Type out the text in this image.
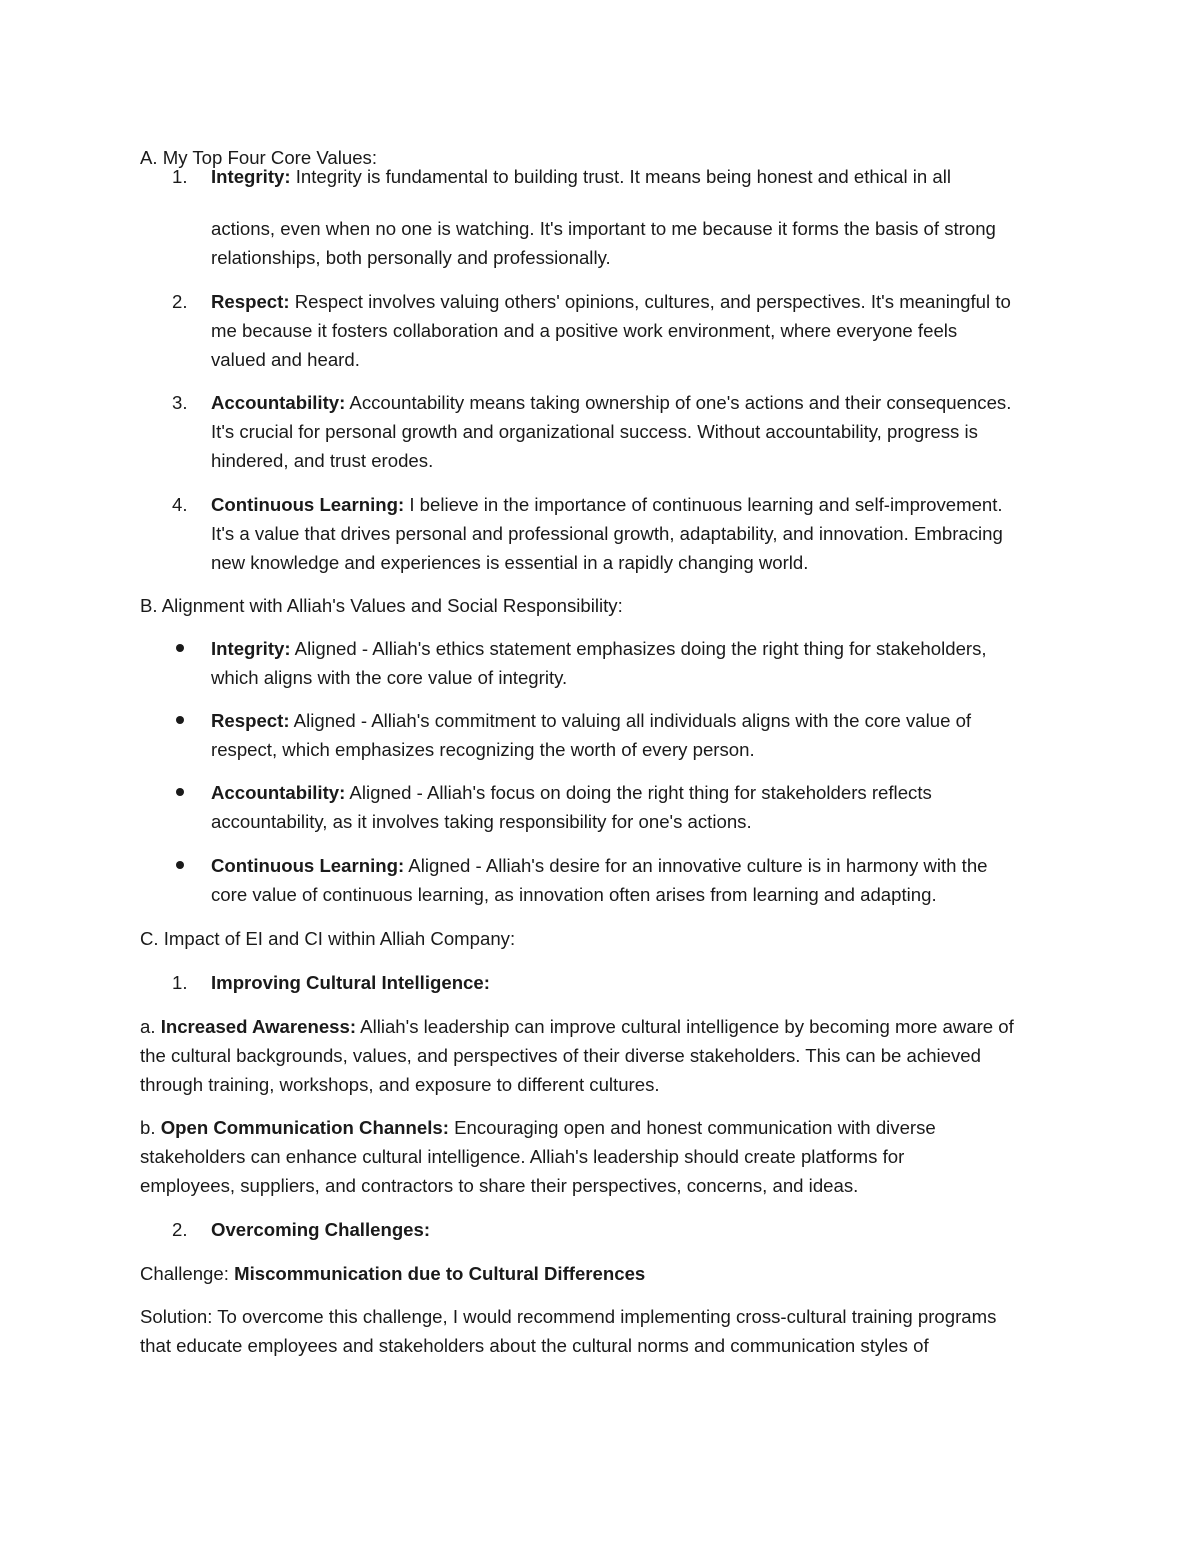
A. My Top Four Core Values:

1. Integrity: Integrity is fundamental to building trust. It means being honest and ethical in all

actions, even when no one is watching. It's important to me because it forms the basis of strong

relationships, both personally and professionally.

2. Respect: Respect involves valuing others' opinions, cultures, and perspectives. It's meaningful to

me because it fosters collaboration and a positive work environment, where everyone feels

valued and heard.

3. Accountability: Accountability means taking ownership of one's actions and their consequences.

It's crucial for personal growth and organizational success. Without accountability, progress is

hindered, and trust erodes.

4. Continuous Learning: I believe in the importance of continuous learning and self-improvement.

It's a value that drives personal and professional growth, adaptability, and innovation. Embracing

new knowledge and experiences is essential in a rapidly changing world.

B. Alignment with Alliah's Values and Social Responsibility:

Integrity: Aligned - Alliah's ethics statement emphasizes doing the right thing for stakeholders,

which aligns with the core value of integrity.

Respect: Aligned - Alliah's commitment to valuing all individuals aligns with the core value of

respect, which emphasizes recognizing the worth of every person.

Accountability: Aligned - Alliah's focus on doing the right thing for stakeholders reflects

accountability, as it involves taking responsibility for one's actions.

Continuous Learning: Aligned - Alliah's desire for an innovative culture is in harmony with the

core value of continuous learning, as innovation often arises from learning and adapting.

C. Impact of EI and CI within Alliah Company:

1. Improving Cultural Intelligence:

a. Increased Awareness: Alliah's leadership can improve cultural intelligence by becoming more aware of

the cultural backgrounds, values, and perspectives of their diverse stakeholders. This can be achieved

through training, workshops, and exposure to different cultures.

b. Open Communication Channels: Encouraging open and honest communication with diverse

stakeholders can enhance cultural intelligence. Alliah's leadership should create platforms for

employees, suppliers, and contractors to share their perspectives, concerns, and ideas.

2. Overcoming Challenges:

Challenge: Miscommunication due to Cultural Differences

Solution: To overcome this challenge, I would recommend implementing cross-cultural training programs

that educate employees and stakeholders about the cultural norms and communication styles of
